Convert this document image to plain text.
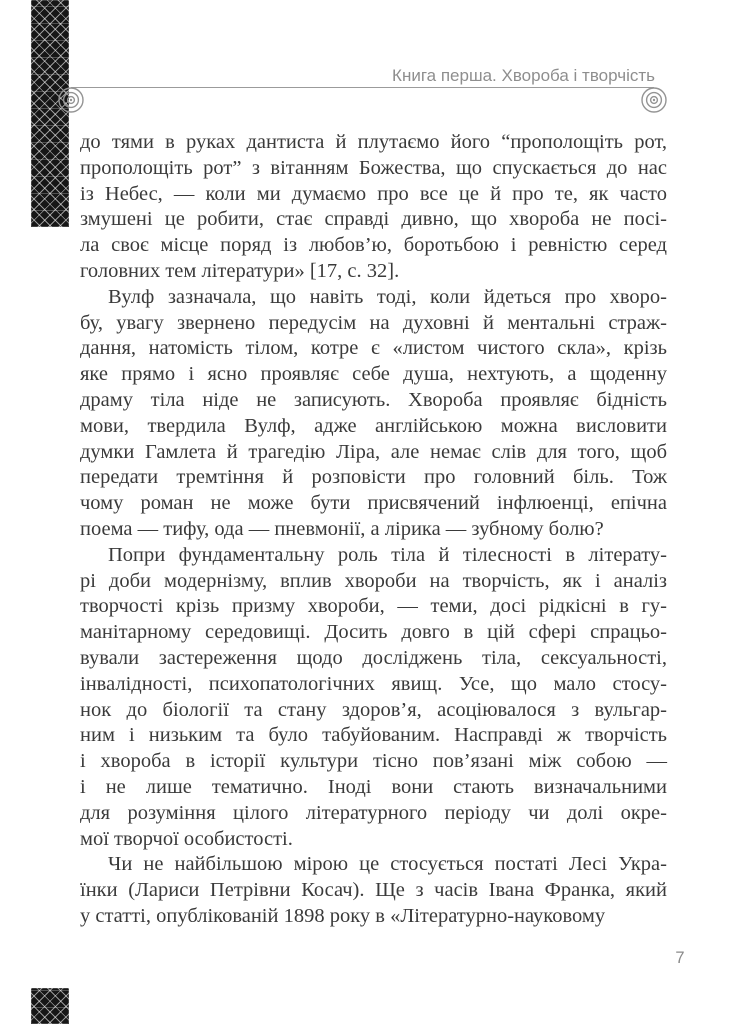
Книга перша. Хвороба і творчість
до тями в руках дантиста й плутаємо його “прополощіть рот,
прополощіть рот” з вітанням Божества, що спускається до нас
із Небес, — коли ми думаємо про все це й про те, як часто
змушені це робити, стає справді дивно, що хвороба не посі-
ла своє місце поряд із любов’ю, боротьбою і ревністю серед
головних тем літератури» [17, с. 32].
Вулф зазначала, що навіть тоді, коли йдеться про хворо-
бу, увагу звернено передусім на духовні й ментальні страж-
дання, натомість тілом, котре є «листом чистого скла», крізь
яке прямо і ясно проявляє себе душа, нехтують, а щоденну
драму тіла ніде не записують. Хвороба проявляє бідність
мови, твердила Вулф, адже англійською можна висловити
думки Гамлета й трагедію Ліра, але немає слів для того, щоб
передати тремтіння й розповісти про головний біль. Тож
чому роман не може бути присвячений інфлюенці, епічна
поема — тифу, ода — пневмонії, а лірика — зубному болю?
Попри фундаментальну роль тіла й тілесності в літерату-
рі доби модернізму, вплив хвороби на творчість, як і аналіз
творчості крізь призму хвороби, — теми, досі рідкісні в гу-
манітарному середовищі. Досить довго в цій сфері спрацьо-
вували застереження щодо досліджень тіла, сексуальності,
інвалідності, психопатологічних явищ. Усе, що мало стосу-
нок до біології та стану здоров’я, асоціювалося з вульгар-
ним і низьким та було табуйованим. Насправді ж творчість
і хвороба в історії культури тісно пов’язані між собою —
і не лише тематично. Іноді вони стають визначальними
для розуміння цілого літературного періоду чи долі окре-
мої творчої особистості.
Чи не найбільшою мірою це стосується постаті Лесі Укра-
їнки (Лариси Петрівни Косач). Ще з часів Івана Франка, який
у статті, опублікованій 1898 року в «Літературно-науковому
7
